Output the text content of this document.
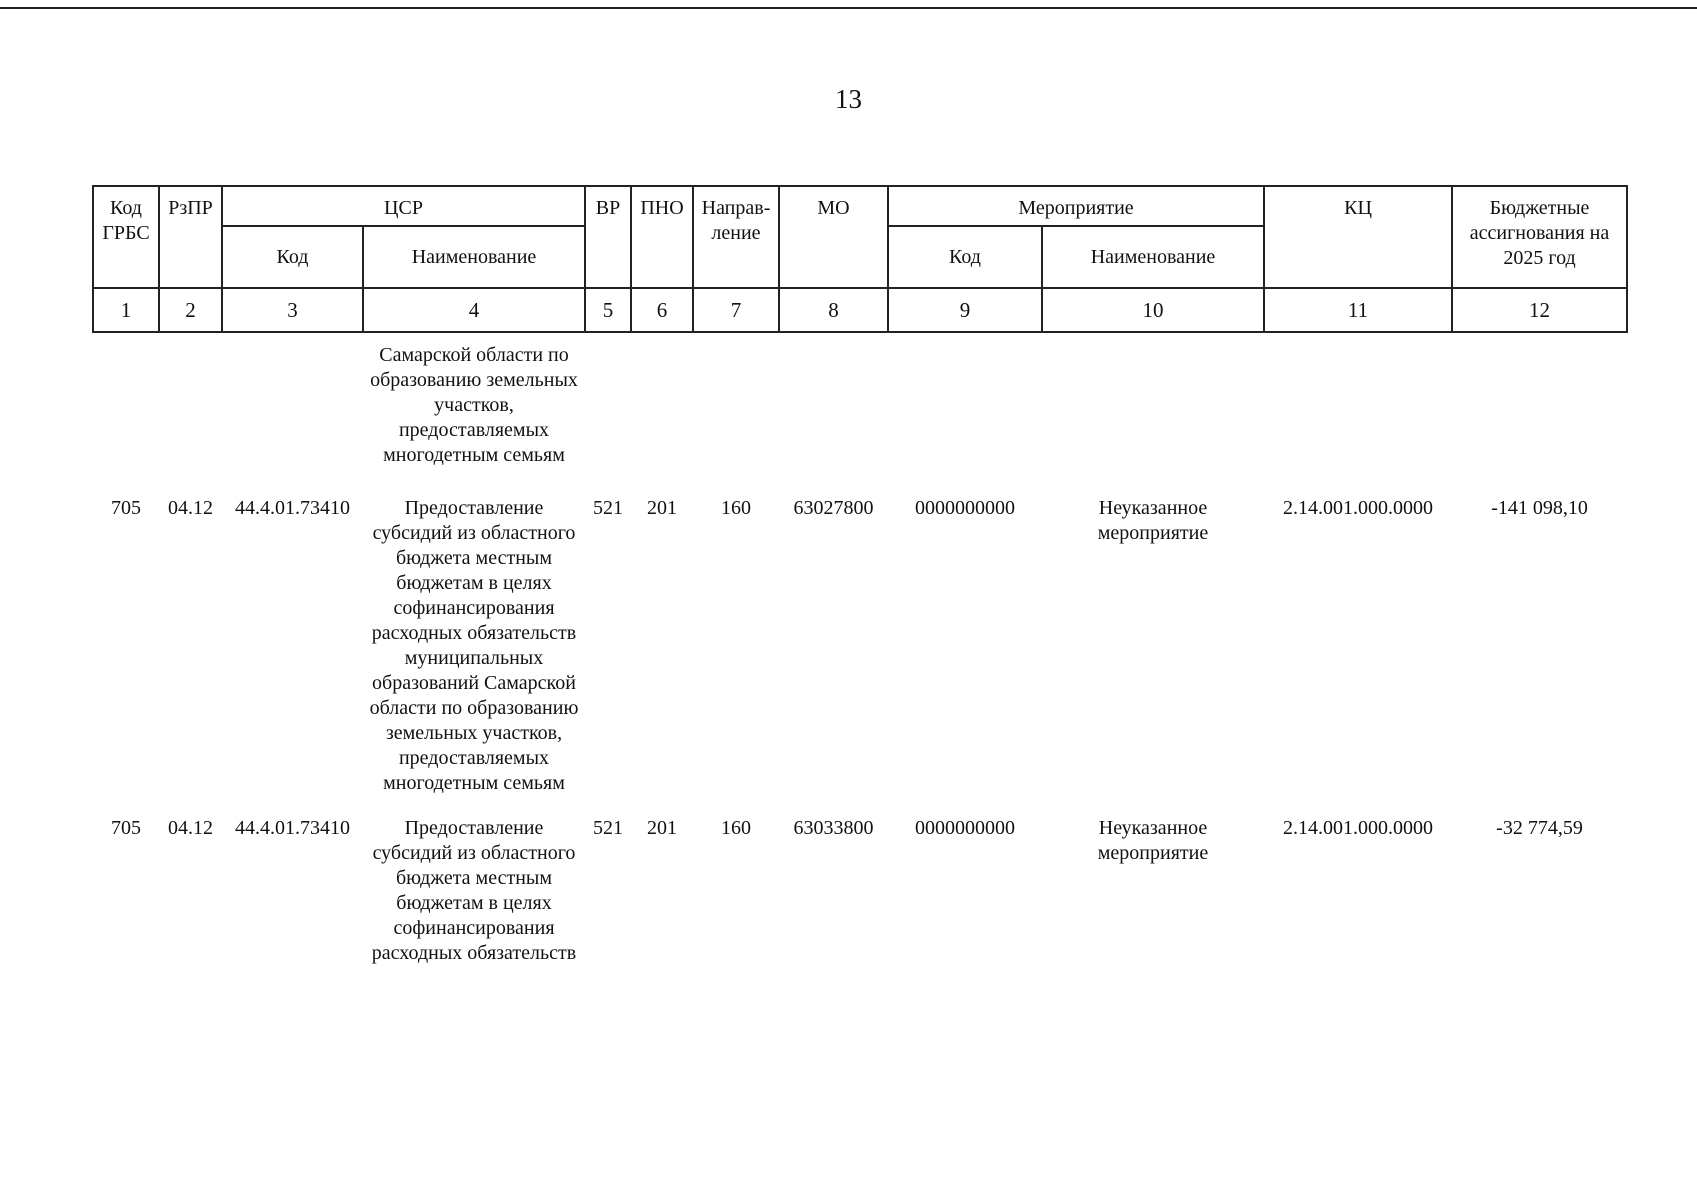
13
Код ГРБС	РзПР	ЦСР		ВР	ПНО	Направ-ление	МО	Мероприятие		КЦ	Бюджетные ассигнования на 2025 год
		Код	Наименование					Код	Наименование		
1	2	3	4	5	6	7	8	9	10	11	12
			Самарской области по образованию земельных участков, предоставляемых многодетным семьям								
705	04.12	44.4.01.73410	Предоставление субсидий из областного бюджета местным бюджетам в целях софинансирования расходных обязательств муниципальных образований Самарской области по образованию земельных участков, предоставляемых многодетным семьям	521	201	160	63027800	0000000000	Неуказанное мероприятие	2.14.001.000.0000	-141 098,10
705	04.12	44.4.01.73410	Предоставление субсидий из областного бюджета местным бюджетам в целях софинансирования расходных обязательств	521	201	160	63033800	0000000000	Неуказанное мероприятие	2.14.001.000.0000	-32 774,59
